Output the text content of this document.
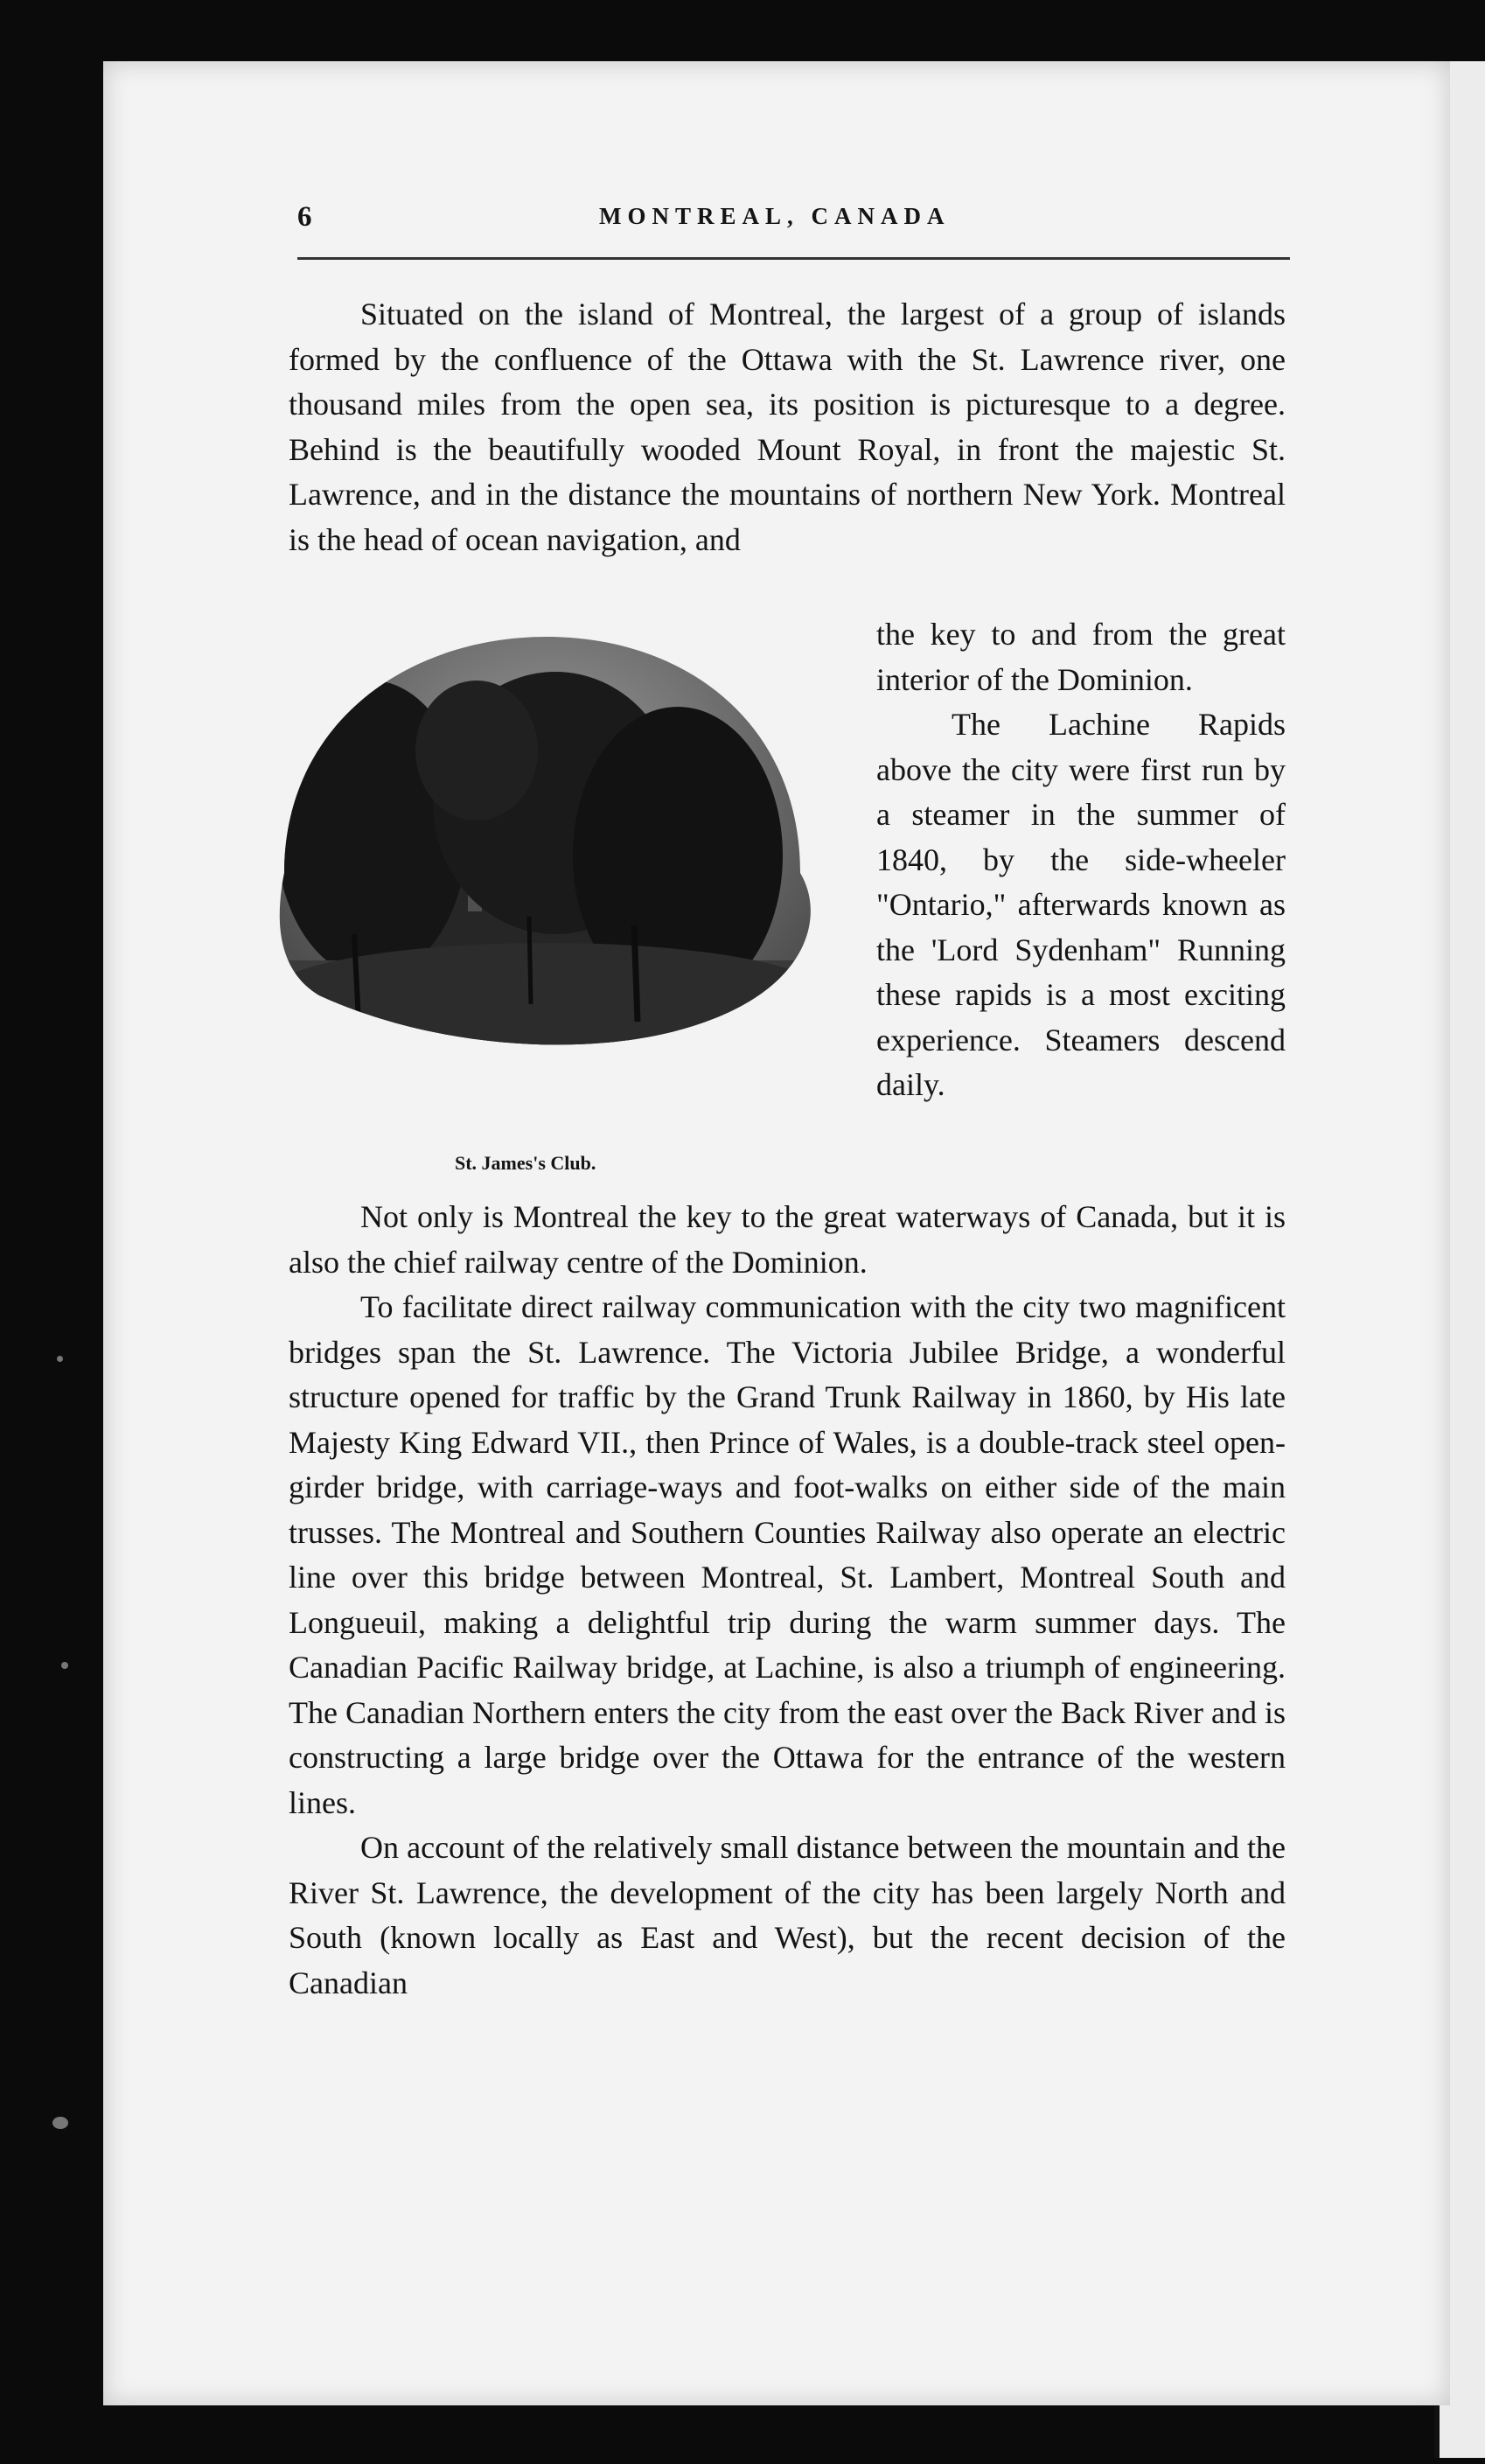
6	MONTREAL, CANADA

Situated on the island of Montreal, the largest of a group of islands formed by the confluence of the Ottawa with the St. Lawrence river, one thousand miles from the open sea, its position is picturesque to a degree. Behind is the beautifully wooded Mount Royal, in front the majestic St. Lawrence, and in the distance the mountains of northern New York. Montreal is the head of ocean navigation, and

St. James's Club.

the key to and from the great interior of the Dominion.

The Lachine Rapids above the city were first run by a steamer in the summer of 1840, by the side-wheeler "Ontario," afterwards known as the 'Lord Sydenham" Running these rapids is a most exciting experience. Steamers descend daily.

Not only is Montreal the key to the great waterways of Canada, but it is also the chief railway centre of the Dominion.

To facilitate direct railway communication with the city two magnificent bridges span the St. Lawrence. The Victoria Jubilee Bridge, a wonderful structure opened for traffic by the Grand Trunk Railway in 1860, by His late Majesty King Edward VII., then Prince of Wales, is a double-track steel open-girder bridge, with carriage-ways and foot-walks on either side of the main trusses. The Montreal and Southern Counties Railway also operate an electric line over this bridge between Montreal, St. Lambert, Montreal South and Longueuil, making a delightful trip during the warm summer days. The Canadian Pacific Railway bridge, at Lachine, is also a triumph of engineering. The Canadian Northern enters the city from the east over the Back River and is constructing a large bridge over the Ottawa for the entrance of the western lines.

On account of the relatively small distance between the mountain and the River St. Lawrence, the development of the city has been largely North and South (known locally as East and West), but the recent decision of the Canadian
